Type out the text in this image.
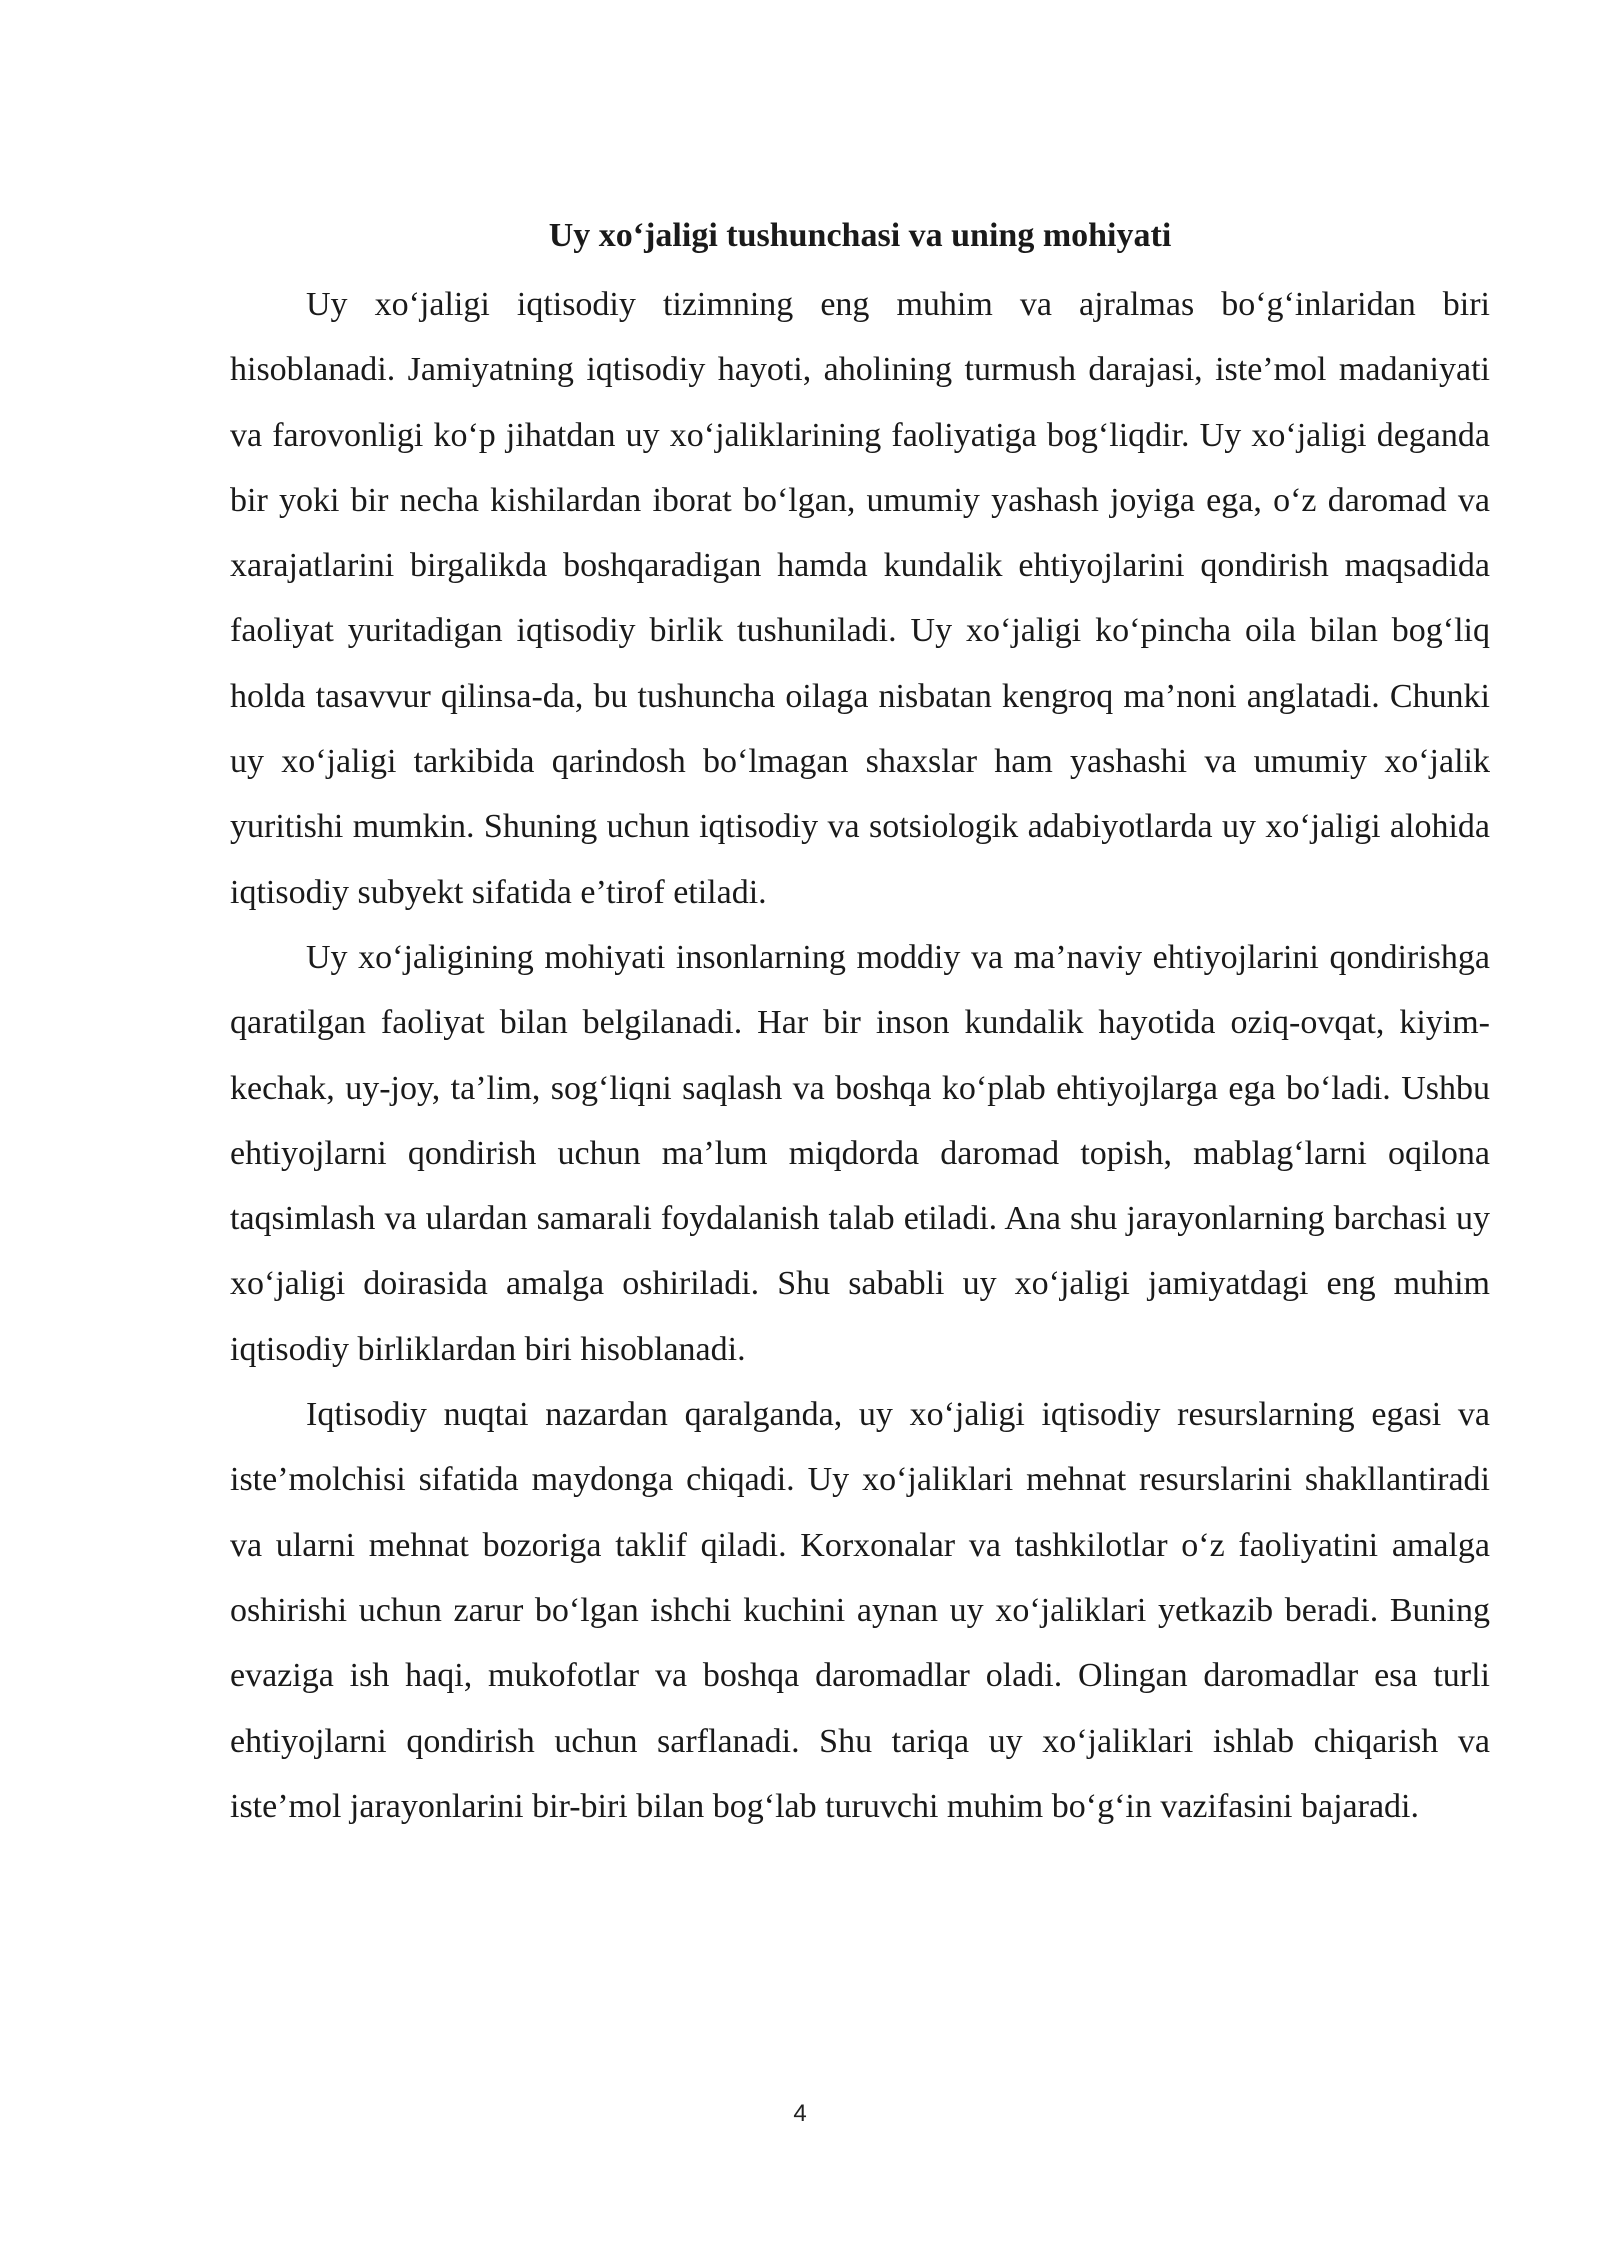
Uy xo‘jaligi tushunchasi va uning mohiyati

Uy xo‘jaligi iqtisodiy tizimning eng muhim va ajralmas bo‘g‘inlaridan biri hisoblanadi. Jamiyatning iqtisodiy hayoti, aholining turmush darajasi, iste’mol madaniyati va farovonligi ko‘p jihatdan uy xo‘jaliklarining faoliyatiga bog‘liqdir. Uy xo‘jaligi deganda bir yoki bir necha kishilardan iborat bo‘lgan, umumiy yashash joyiga ega, o‘z daromad va xarajatlarini birgalikda boshqaradigan hamda kundalik ehtiyojlarini qondirish maqsadida faoliyat yuritadigan iqtisodiy birlik tushuniladi. Uy xo‘jaligi ko‘pincha oila bilan bog‘liq holda tasavvur qilinsa-da, bu tushuncha oilaga nisbatan kengroq ma’noni anglatadi. Chunki uy xo‘jaligi tarkibida qarindosh bo‘lmagan shaxslar ham yashashi va umumiy xo‘jalik yuritishi mumkin. Shuning uchun iqtisodiy va sotsiologik adabiyotlarda uy xo‘jaligi alohida iqtisodiy subyekt sifatida e’tirof etiladi.

Uy xo‘jaligining mohiyati insonlarning moddiy va ma’naviy ehtiyojlarini qondirishga qaratilgan faoliyat bilan belgilanadi. Har bir inson kundalik hayotida oziq-ovqat, kiyim-kechak, uy-joy, ta’lim, sog‘liqni saqlash va boshqa ko‘plab ehtiyojlarga ega bo‘ladi. Ushbu ehtiyojlarni qondirish uchun ma’lum miqdorda daromad topish, mablag‘larni oqilona taqsimlash va ulardan samarali foydalanish talab etiladi. Ana shu jarayonlarning barchasi uy xo‘jaligi doirasida amalga oshiriladi. Shu sababli uy xo‘jaligi jamiyatdagi eng muhim iqtisodiy birliklardan biri hisoblanadi.

Iqtisodiy nuqtai nazardan qaralganda, uy xo‘jaligi iqtisodiy resurslarning egasi va iste’molchisi sifatida maydonga chiqadi. Uy xo‘jaliklari mehnat resurslarini shakllantiradi va ularni mehnat bozoriga taklif qiladi. Korxonalar va tashkilotlar o‘z faoliyatini amalga oshirishi uchun zarur bo‘lgan ishchi kuchini aynan uy xo‘jaliklari yetkazib beradi. Buning evaziga ish haqi, mukofotlar va boshqa daromadlar oladi. Olingan daromadlar esa turli ehtiyojlarni qondirish uchun sarflanadi. Shu tariqa uy xo‘jaliklari ishlab chiqarish va iste’mol jarayonlarini bir-biri bilan bog‘lab turuvchi muhim bo‘g‘in vazifasini bajaradi.

4
